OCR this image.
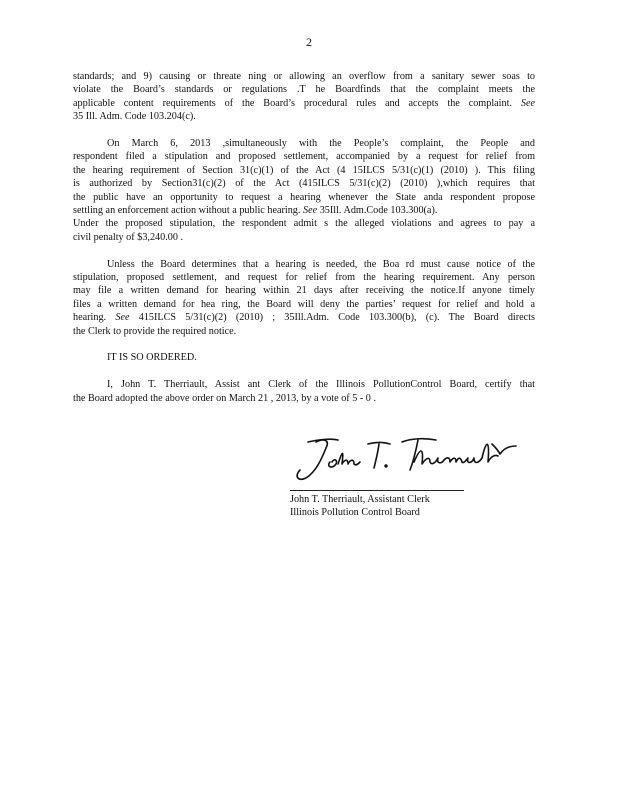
2

standards; and 9) causing or threate ning or allowing an overflow from a sanitary sewer soas to
violate the Board’s standards or regulations .T he Boardfinds that the complaint meets the
applicable content requirements of the Board’s procedural rules and accepts the complaint. See
35 Ill. Adm. Code 103.204(c).

On March 6, 2013 ,simultaneously with the People’s complaint, the People and
respondent filed a stipulation and proposed settlement, accompanied by a request for relief from
the hearing requirement of Section 31(c)(1) of the Act (4 15ILCS 5/31(c)(1) (2010) ). This filing
is authorized by Section31(c)(2) of the Act (415ILCS 5/31(c)(2) (2010) ),which requires that
the public have an opportunity to request a hearing whenever the State anda respondent propose
settling an enforcement action without a public hearing. See 35Ill. Adm.Code 103.300(a).
Under the proposed stipulation, the respondent admit s the alleged violations and agrees to pay a
civil penalty of $3,240.00 .

Unless the Board determines that a hearing is needed, the Boa rd must cause notice of the
stipulation, proposed settlement, and request for relief from the hearing requirement. Any person
may file a written demand for hearing within 21 days after receiving the notice.If anyone timely
files a written demand for hea ring, the Board will deny the parties’ request for relief and hold a
hearing. See 415ILCS 5/31(c)(2) (2010) ; 35Ill.Adm. Code 103.300(b), (c). The Board directs
the Clerk to provide the required notice.

IT IS SO ORDERED.

I, John T. Therriault, Assist ant Clerk of the Illinois PollutionControl Board, certify that
the Board adopted the above order on March 21 , 2013, by a vote of 5 - 0 .

John T. Therriault, Assistant Clerk

Illinois Pollution Control Board
